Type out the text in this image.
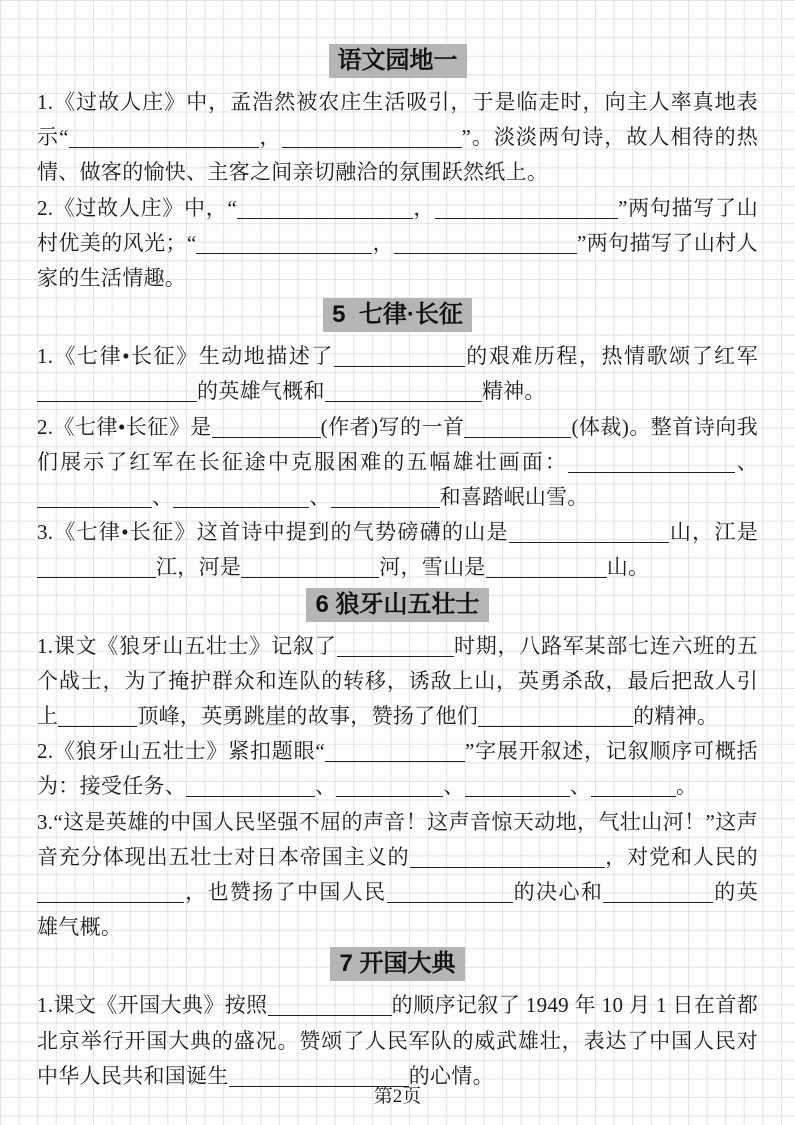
语文园地一

1.《过故人庄》中，孟浩然被农庄生活吸引，于是临走时，向主人率真地表示“	，	”。淡淡两句诗，故人相待的热情、做客的愉快、主客之间亲切融洽的氛围跃然纸上。

2.《过故人庄》中，“	，	”两句描写了山村优美的风光；“	，	”两句描写了山村人家的生活情趣。

5  七律·长征

1.《七律•长征》生动地描述了	的艰难历程，热情歌颂了红军的英雄气概和	精神。

2.《七律•长征》是	(作者)写的一首	(体裁)。整首诗向我们展示了红军在长征途中克服困难的五幅雄壮画面：	、、	、	和喜踏岷山雪。

3.《七律•长征》这首诗中提到的气势磅礴的山是	山，江是江，河是	河，雪山是	山。

6 狼牙山五壮士

1.课文《狼牙山五壮士》记叙了	时期，八路军某部七连六班的五个战士，为了掩护群众和连队的转移，诱敌上山，英勇杀敌，最后把敌人引上	顶峰，英勇跳崖的故事，赞扬了他们	的精神。

2.《狼牙山五壮士》紧扣题眼“	”字展开叙述，记叙顺序可概括为：接受任务、	、	、	、	。

3.“这是英雄的中国人民坚强不屈的声音！这声音惊天动地，气壮山河！”这声音充分体现出五壮士对日本帝国主义的	，对党和人民的，也赞扬了中国人民	的决心和	的英雄气概。

7 开国大典

1.课文《开国大典》按照	的顺序记叙了 1949 年 10 月 1 日在首都北京举行开国大典的盛况。赞颂了人民军队的威武雄壮，表达了中国人民对中华人民共和国诞生	的心情。

第2页
